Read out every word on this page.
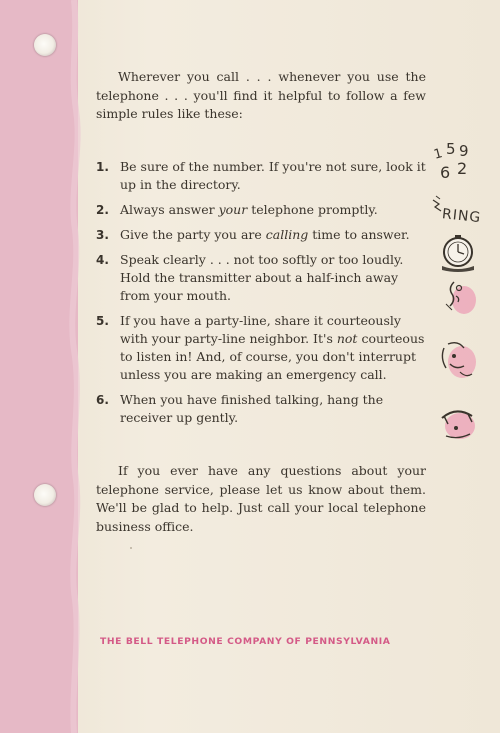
Wherever you call . . . whenever you use the telephone . . . you'll find it helpful to follow a few simple rules like these:
1. Be sure of the number. If you're not sure, look it up in the directory.
2. Always answer your telephone promptly.
3. Give the party you are calling time to answer.
4. Speak clearly . . . not too softly or too loudly. Hold the transmitter about a half-inch away from your mouth.
5. If you have a party-line, share it courteously with your party-line neighbor. It's not courteous to listen in! And, of course, you don't interrupt unless you are making an emergency call.
6. When you have finished talking, hang the receiver up gently.
If you ever have any questions about your telephone service, please let us know about them. We'll be glad to help. Just call your local telephone business office.
THE BELL TELEPHONE COMPANY OF PENNSYLVANIA
1 5 9
6 2
RING
